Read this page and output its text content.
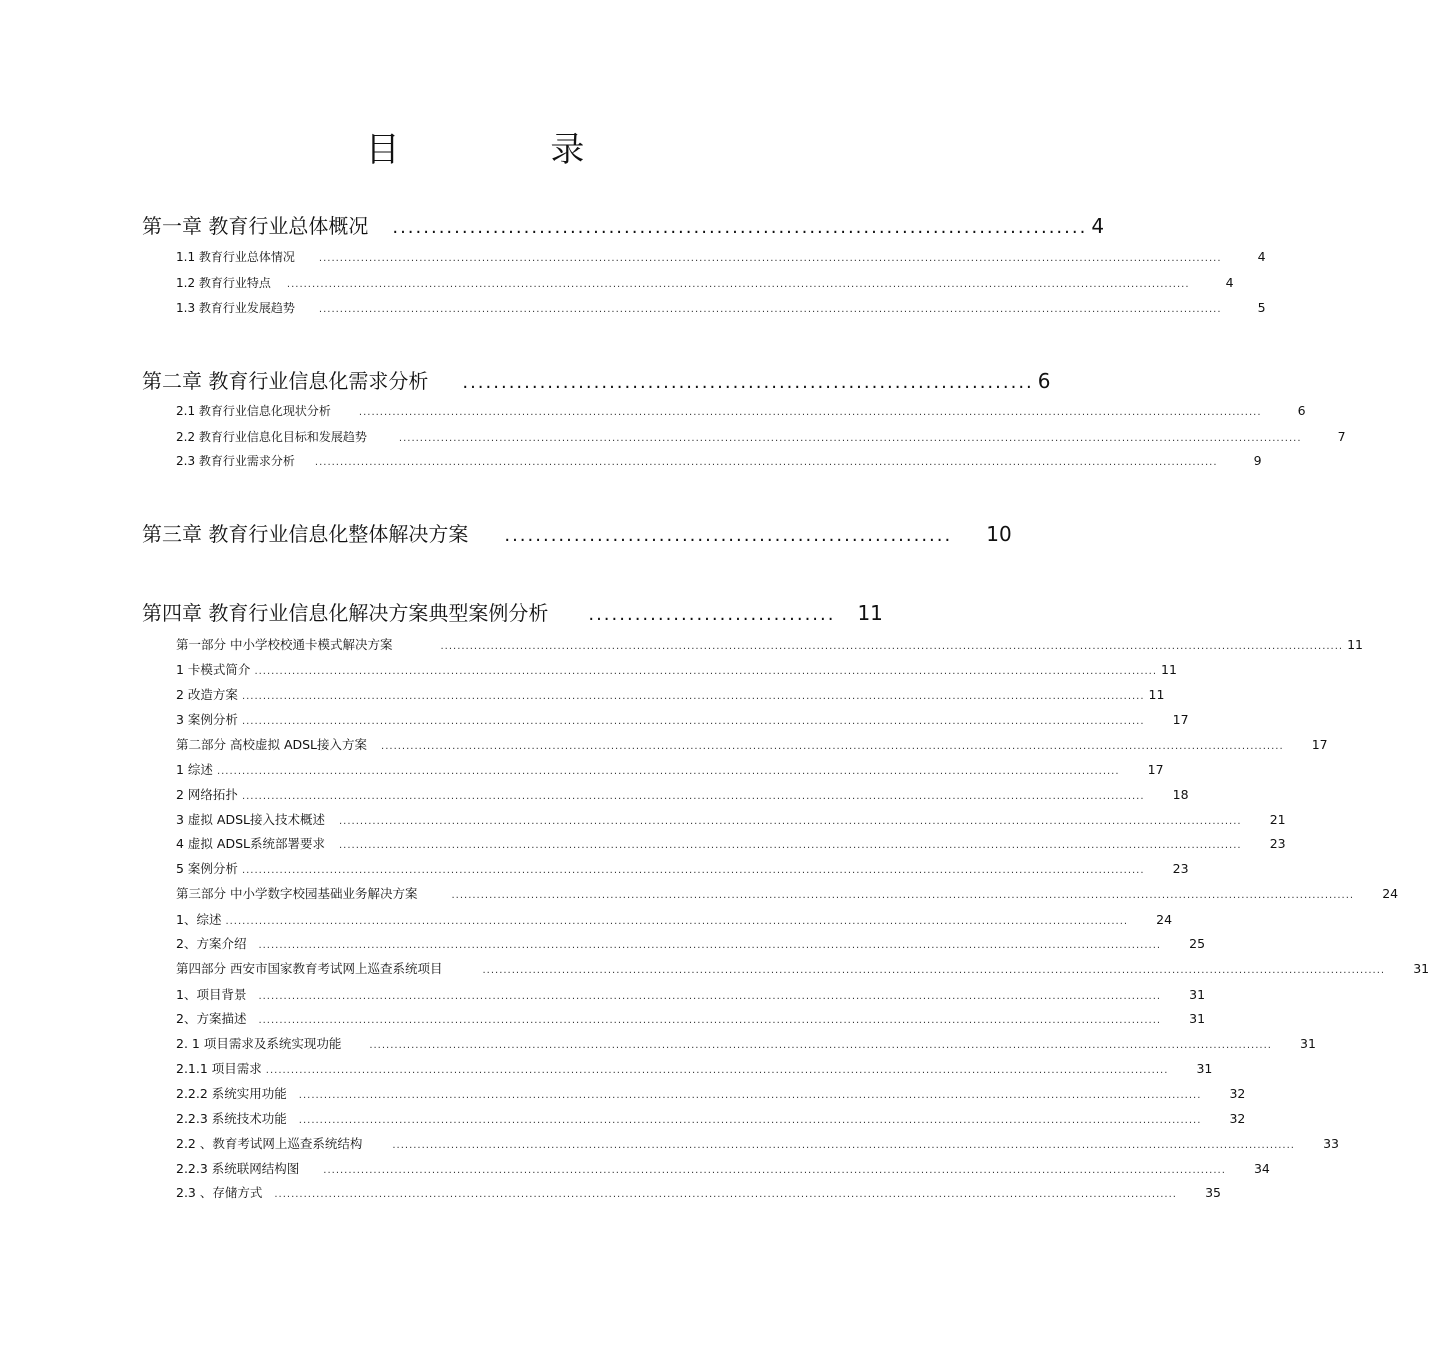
目 录
第一章 教育行业总体概况 .......................................................................................... 4
1.1 教育行业总体情况 ........................................................................................................................................................................................................................	4
1.2 教育行业特点 ........................................................................................................................................................................................................................	4
1.3 教育行业发展趋势 ........................................................................................................................................................................................................................	5
第二章 教育行业信息化需求分析 .......................................................................... 6
2.1 教育行业信息化现状分析	........................................................................................................................................................................................................................	6
2.2 教育行业信息化目标和发展趋势	........................................................................................................................................................................................................................	7
2.3 教育行业需求分析 ........................................................................................................................................................................................................................	9
第三章 教育行业信息化整体解决方案 .......................................................... 10
第四章 教育行业信息化解决方案典型案例分析 ................................ 11
第一部分 中小学校校通卡模式解决方案	........................................................................................................................................................................................................................ 11
1 卡模式简介 ........................................................................................................................................................................................................................ 11
2 改造方案 ........................................................................................................................................................................................................................ 11
3 案例分析 ........................................................................................................................................................................................................................	17
第二部分 高校虚拟 ADSL接入方案 ........................................................................................................................................................................................................................	17
1 综述 ........................................................................................................................................................................................................................	17
2 网络拓扑 ........................................................................................................................................................................................................................	18
3 虚拟 ADSL接入技术概述 ........................................................................................................................................................................................................................	21
4 虚拟 ADSL系统部署要求 ........................................................................................................................................................................................................................	23
5 案例分析 ........................................................................................................................................................................................................................	23
第三部分 中小学数字校园基础业务解决方案	........................................................................................................................................................................................................................	24
1、综述 ........................................................................................................................................................................................................................	24
2、方案介绍 ........................................................................................................................................................................................................................	25
第四部分 西安市国家教育考试网上巡查系统项目	........................................................................................................................................................................................................................	31
1、项目背景 ........................................................................................................................................................................................................................	31
2、方案描述 ........................................................................................................................................................................................................................	31
2. 1 项目需求及系统实现功能	........................................................................................................................................................................................................................	31
2.1.1 项目需求 ........................................................................................................................................................................................................................	31
2.2.2 系统实用功能 ........................................................................................................................................................................................................................	32
2.2.3 系统技术功能 ........................................................................................................................................................................................................................	32
2.2 、教育考试网上巡查系统结构	........................................................................................................................................................................................................................	33
2.2.3 系统联网结构图 ........................................................................................................................................................................................................................	34
2.3 、存储方式 ........................................................................................................................................................................................................................	35
